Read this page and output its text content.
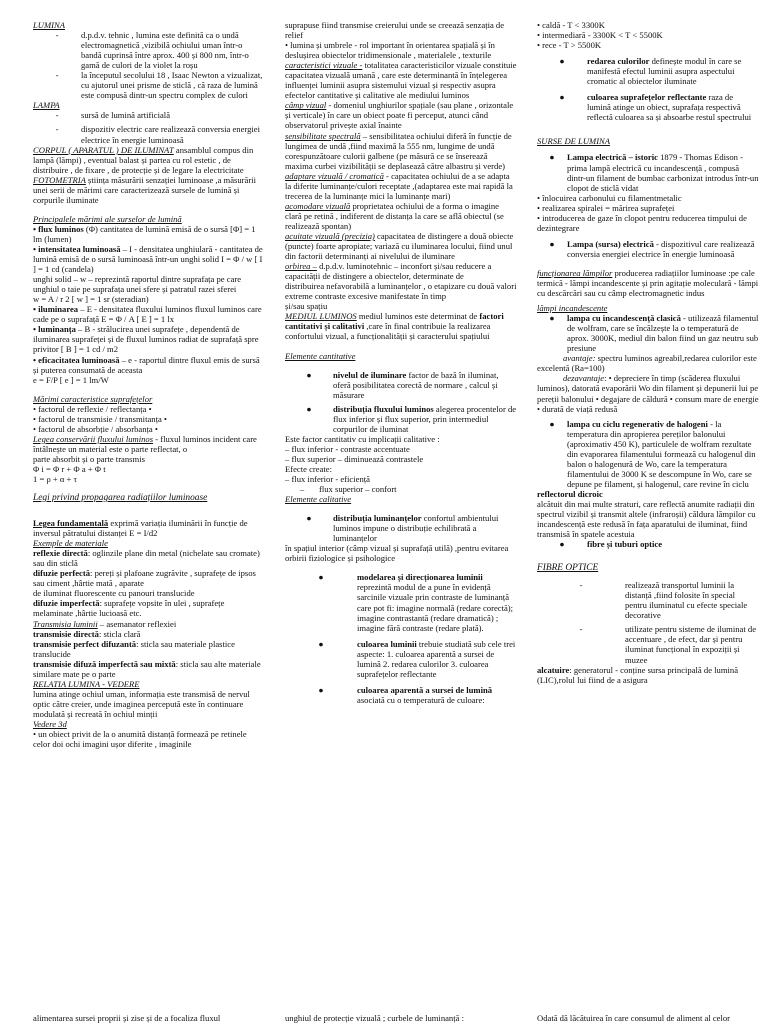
LUMINA

-	d.p.d.v. tehnic , lumina este definită ca o undă electromagnetică ,vizibilă ochiului uman într-o bandă cuprinsă între aprox. 400 și 800 nm, într-o gamă de culori de la violet la roșu
-	la începutul secolului 18 , Isaac Newton a vizualizat, cu ajutorul unei prisme de sticlă , că raza de lumină este compusă dintr-un spectru complex de culori

LAMPA

-	sursă de lumină artificială
-	dispozitiv electric care realizează conversia energiei electrice în energie luminoasă

CORPUL ( APARATUL ) DE ILUMINAT ansamblul compus din lampă (lămpi) , eventual balast și partea cu rol estetic , de distribuire , de fixare , de protecție și de legare la electricitate

FOTOMETRIA știința măsurării senzației luminoase ,a măsurării unei serii de mărimi care caracterizează sursele de lumină și corpurile iluminate

Principalele mărimi ale surselor de lumină

• flux luminos (Φ) cantitatea de lumină emisă de o sursă [Φ] = 1 lm (lumen)

• intensitatea luminoasă – I - densitatea unghiulară - cantitatea de lumină emisă de o sursă luminoasă într-un unghi solid I = Φ / w [ I ] = 1 cd (candela)
unghi solid – w – reprezintă raportul dintre suprafața pe care unghiul o taie pe suprafața unei sfere și patratul razei sferei
w = A / r 2 [ w ] = 1 sr (steradian)

• iluminarea – E - densitatea fluxului luminos fluxul luminos care cade pe o suprafață E = Φ / A [ E ] = 1 lx

• luminanța – B - strălucirea unei suprafețe , dependentă de iluminarea suprafeței și de fluxul luminos radiat de suprafață spre privitor [ B ] = 1 cd / m2

• eficacitatea luminoasă – e - raportul dintre fluxul emis de sursă și puterea consumată de aceasta
e = F/P [ e ] = 1 lm/W

Mărimi caracteristice suprafețelor

• factorul de reflexie / reflectanța •
• factorul de transmisie / transmitanța •
• factorul de absorbție / absorbanța •

Legea conservării fluxului luminos - fluxul luminos incident care întâlnește un material este o parte reflectat, o
parte absorbit și o parte transmis
Φ i = Φ r + Φ a + Φ t
1 = ρ + α + τ

Legi privind propagarea radiațiilor luminoase

Legea fundamentală exprimă variația iluminării în funcție de inversul pătratului distanței E = I/d2

Exemple de materiale

reflexie directă: oglinzile plane din metal (nichelate sau cromate) sau din sticlă

difuzie perfectă: pereți și plafoane zugrăvite , suprafețe de ipsos sau ciment ,hârtie mată , aparate
de iluminat fluorescente cu panouri translucide

difuzie imperfectă: suprafețe vopsite în ulei , suprafețe melaminate ,hârtie lucioasă etc.

Transmisia luminii – asemanator reflexiei

transmisie directă: sticla clară

transmisie perfect difuzantă: sticla sau materiale plastice translucide

transmisie difuză imperfectă sau mixtă: sticla sau alte materiale similare mate pe o parte

RELATIA LUMINA - VEDERE

lumina atinge ochiul uman, informația este transmisă de nervul optic către creier, unde imaginea percepută este în continuare modulată și recreată în ochiul minții

Vedere 3d

• un obiect privit de la o anumită distanță formează pe retinele celor doi ochi imagini ușor diferite , imaginile

suprapuse fiind transmise creierului unde se creează senzația de relief
• lumina și umbrele - rol important în orientarea spațială și în deslușirea obiectelor tridimensionale , materialele , texturile

caracteristici vizuale - totalitatea caracteristicilor vizuale constituie capacitatea vizuală umană , care este determinantă în înțelegerea influenței luminii asupra sistemului vizual și respectiv asupra efectelor cantitative și calitative ale mediului luminos

câmp vizual - domeniul unghiurilor spațiale (sau plane , orizontale și verticale) în care un obiect poate fi perceput, atunci când observatorul privește axial înainte

sensibilitate spectrală – sensibilitatea ochiului diferă în funcție de lungimea de undă ,fiind maximă la 555 nm, lungime de undă corespunzătoare culorii galbene (pe măsură ce se înserează maxima curbei vizibilității se deplasează către albastru și verde)

adaptare vizuală / cromatică - capacitatea ochiului de a se adapta la diferite luminanțe/culori receptate ,(adaptarea este mai rapidă la trecerea de la luminanțe mici la luminanțe mari)

acomodare vizuală proprietatea ochiului de a forma o imagine clară pe retină , indiferent de distanța la care se află obiectul (se realizează spontan)

acuitate vizuală (precizia) capacitatea de distingere a două obiecte (puncte) foarte apropiate; variază cu iluminarea locului, fiind unul din factorii determinanți ai nivelului de iluminare

orbirea – d.p.d.v. luminotehnic – inconfort și/sau reducere a capacității de distingere a obiectelor, determinate de
distribuirea nefavorabilă a luminanțelor , o etapizare cu două valori extreme contraste excesive manifestate în timp
și/sau spațiu

MEDIUL LUMINOS mediul luminos este determinat de factori cantitativi și calitativi ,care în final contribuie la realizarea confortului vizual, a funcționalității și caracterului spațiului

Elemente cantitative

●	nivelul de iluminare factor de bază în iluminat, oferă posibilitatea corectă de normare , calcul și măsurare
●	distribuția fluxului luminos alegerea procentelor de flux inferior și flux superior, prin intermediul corpurilor de iluminat

Este factor cantitativ cu implicații calitative :
– flux inferior - contraste accentuate
– flux superior – diminuează contrastele
Efecte create:
– flux inferior - eficiență

–	flux superior – confort

Elemente calitative

●	distribuția luminanțelor confortul ambientului luminos impune o distribuție echilibrată a luminanțelor

în spațiul interior (câmp vizual și suprafață utilă) ,pentru evitarea orbirii fiziologice și psihologice

●	modelarea și direcționarea luminii reprezintă modul de a pune în evidență sarcinile vizuale prin contraste de luminanță care pot fi: imagine normală (redare corectă); imagine contrastantă (redare dramatică) ; imagine fără contraste (redare plată).
●	culoarea luminii trebuie studiată sub cele trei aspecte: 1. culoarea aparentă a sursei de lumină 2. redarea culorilor 3. culoarea suprafețelor reflectante
●	culoarea aparentă a sursei de lumină asociată cu o temperatură de culoare:

• caldă - T < 3300K
• intermediară - 3300K < T < 5500K
• rece - T > 5500K

●	redarea culorilor definește modul în care se manifestă efectul luminii asupra aspectului cromatic al obiectelor iluminate
●	culoarea suprafețelor reflectante raza de lumină atinge un obiect, suprafața respectivă reflectă culoarea sa și absoarbe restul spectrului

SURSE DE LUMINA

●	Lampa electrică – istoric 1879 - Thomas Edison - prima lampă electrică cu incandescență , compusă dintr-un filament de bumbac carbonizat introdus într-un clopot de sticlă vidat

• înlocuirea carbonului cu filamentmetalic
• realizarea spiralei = mărirea suprafeței
• introducerea de gaze în clopot pentru reducerea timpului de dezintegrare

●	Lampa (sursa) electrică - dispozitivul care realizează conversia energiei electrice în energie luminoasă

funcționarea lămpilor producerea radiațiilor luminoase :pe cale termică - lămpi incandescente și prin agitație moleculară - lămpi cu descărcări sau cu câmp electromagnetic indus

lămpi incandescente

●	lampa cu incandescență clasică - utilizează filamentul de wolfram, care se încălzește la o temperatură de aprox. 3000K, mediul din balon fiind un gaz neutru sub presiune

avantaje: spectru luminos agreabil,redarea culorilor este excelentă (Ra=100)

dezavantaje: • depreciere în timp (scăderea fluxului luminos), datorată evaporării Wo din filament și depunerii lui pe pereții balonului • degajare de căldură • consum mare de energie • durată de viață redusă

●	lampa cu ciclu regenerativ de halogeni - la temperatura din apropierea pereților balonului (aproximativ 450 K), particulele de wolfram rezultate din evaporarea filamentului formează cu halogenul din balon o halogenură de Wo, care la temperatura filamentului de 3000 K se descompune în Wo, care se depune pe filament, și halogenul, care revine în ciclu

reflectorul dicroic

alcătuit din mai multe straturi, care reflectă anumite radiații din spectrul vizibil și transmit altele (infraroșii) căldura lămpilor cu incandescență este redusă în fața aparatului de iluminat, fiind transmisă în spatele acestuia

●	fibre și tuburi optice

FIBRE OPTICE

-	realizează transportul luminii la distanță ,fiind folosite în special pentru iluminatul cu efecte speciale decorative
-	utilizate pentru sisteme de iluminat de accentuare , de efect, dar și pentru iluminat funcțional în expoziții și muzee

alcatuire: generatorul - conține sursa principală de lumină (LIC),rolul lui fiind de a asigura

alimentarea sursei proprii și zise și de a focaliza fluxul	unghiul de protecție vizuală ; curbele de luminanță :	Odată dă lăcătuirea în care consumul de aliment al celor
